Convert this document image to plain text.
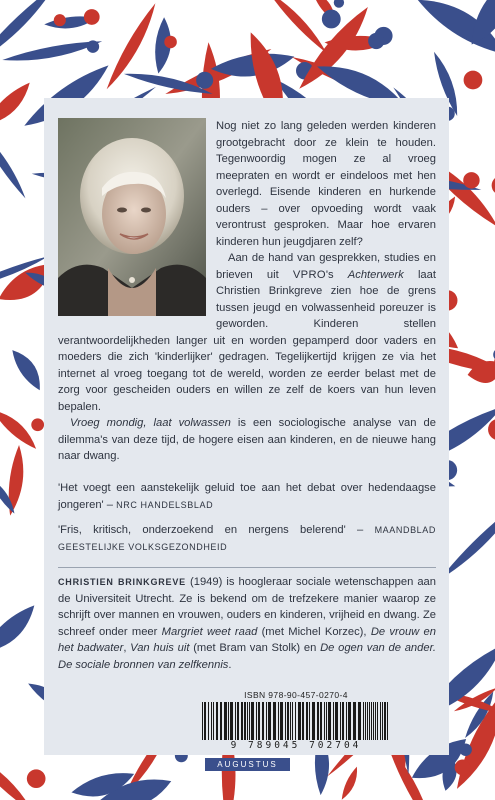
Nog niet zo lang geleden werden kinderen grootgebracht door ze klein te houden. Tegenwoordig mogen ze al vroeg meepraten en wordt er eindeloos met hen overlegd. Eisende kinderen en hurkende ouders – over opvoeding wordt vaak verontrust gesproken. Maar hoe ervaren kinderen hun jeugdjaren zelf?

Aan de hand van gesprekken, studies en brieven uit VPRO's Achterwerk laat Christien Brinkgreve zien hoe de grens tussen jeugd en volwassenheid poreuzer is geworden. Kinderen stellen verantwoordelijkheden langer uit en worden gepamperd door vaders en moeders die zich 'kinderlijker' gedragen. Tegelijkertijd krijgen ze via het internet al vroeg toegang tot de wereld, worden ze eerder belast met de zorg voor gescheiden ouders en willen ze zelf de koers van hun leven bepalen.

Vroeg mondig, laat volwassen is een sociologische analyse van de dilemma's van deze tijd, de hogere eisen aan kinderen, en de nieuwe hang naar dwang.

'Het voegt een aanstekelijk geluid toe aan het debat over hedendaagse jongeren' – NRC HANDELSBLAD
'Fris, kritisch, onderzoekend en nergens belerend' – MAANDBLAD GEESTELIJKE VOLKSGEZONDHEID
CHRISTIEN BRINKGREVE (1949) is hoogleraar sociale wetenschappen aan de Universiteit Utrecht. Ze is bekend om de trefzekere manier waarop ze schrijft over mannen en vrouwen, ouders en kinderen, vrijheid en dwang. Ze schreef onder meer Margriet weet raad (met Michel Korzec), De vrouw en het badwater, Van huis uit (met Bram van Stolk) en De ogen van de ander. De sociale bronnen van zelfkennis.
ISBN 978-90-457-0270-4
9 789045 702704
AUGUSTUS
